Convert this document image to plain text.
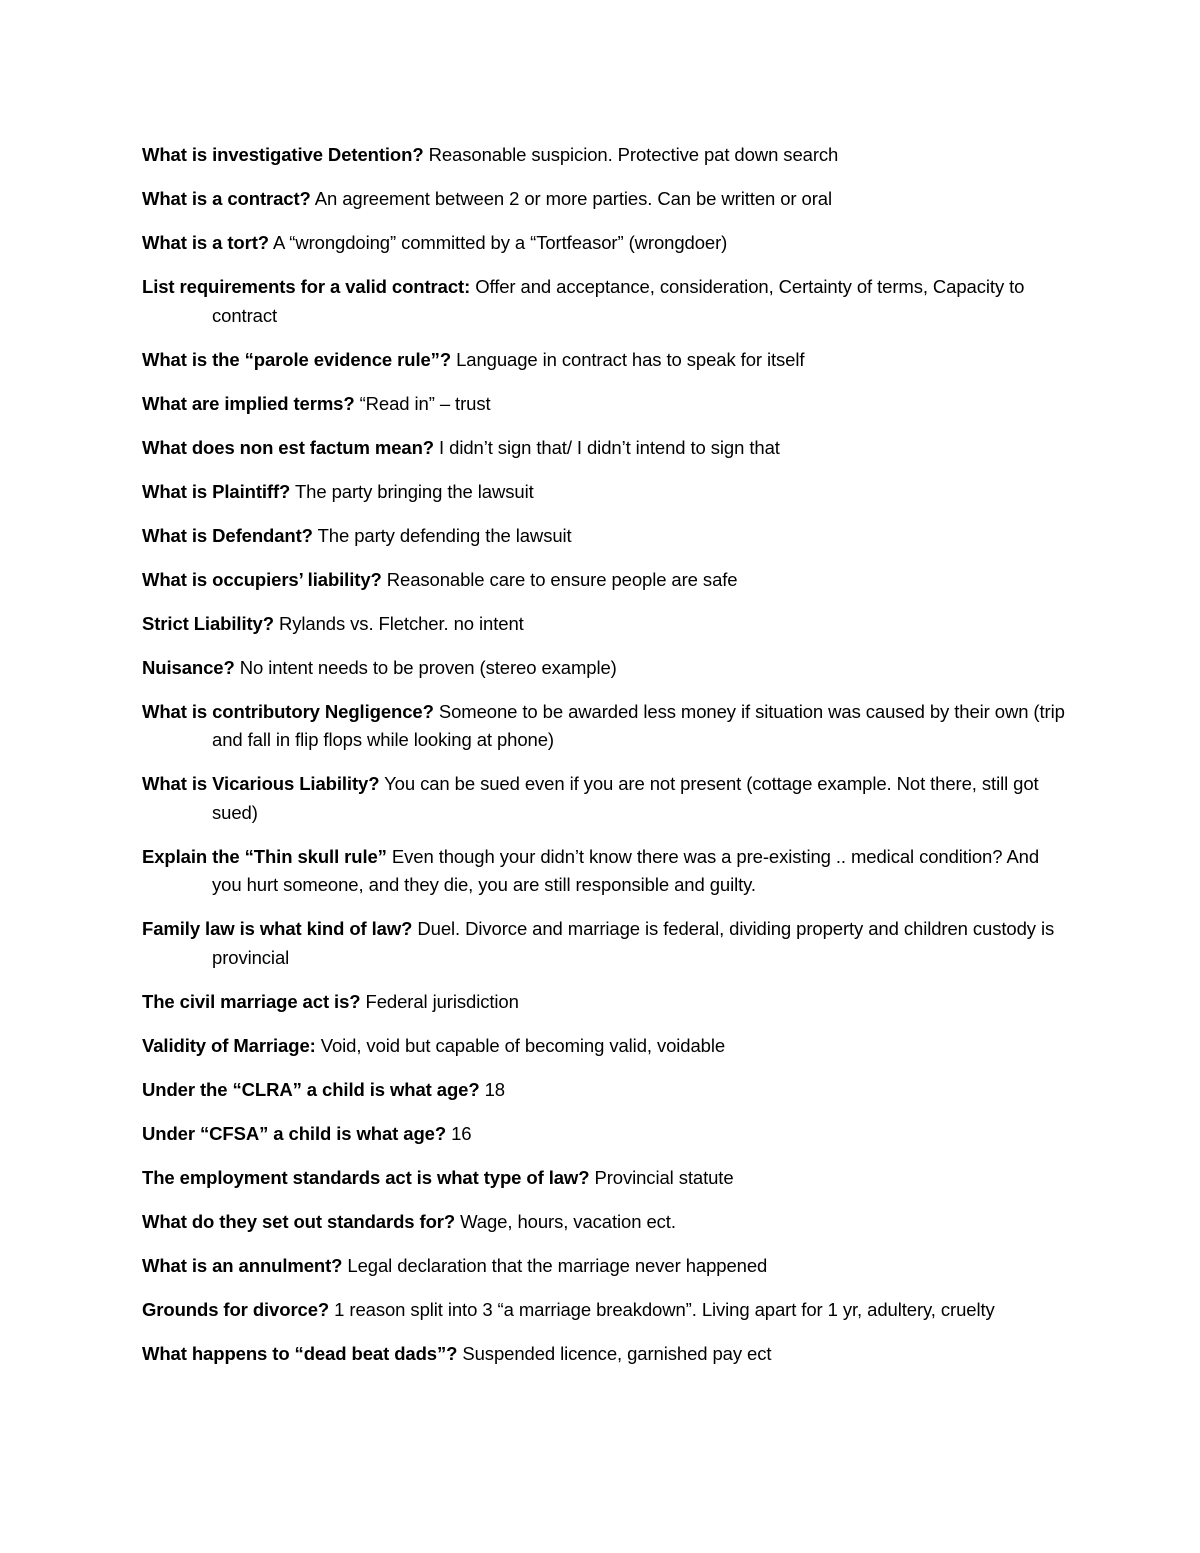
What is investigative Detention? Reasonable suspicion. Protective pat down search
What is a contract? An agreement between 2 or more parties. Can be written or oral
What is a tort? A “wrongdoing” committed by a “Tortfeasor” (wrongdoer)
List requirements for a valid contract: Offer and acceptance, consideration, Certainty of terms, Capacity to contract
What is the “parole evidence rule”? Language in contract has to speak for itself
What are implied terms? “Read in” – trust
What does non est factum mean? I didn’t sign that/ I didn’t intend to sign that
What is Plaintiff? The party bringing the lawsuit
What is Defendant? The party defending the lawsuit
What is occupiers’ liability? Reasonable care to ensure people are safe
Strict Liability? Rylands vs. Fletcher. no intent
Nuisance? No intent needs to be proven (stereo example)
What is contributory Negligence? Someone to be awarded less money if situation was caused by their own (trip and fall in flip flops while looking at phone)
What is Vicarious Liability? You can be sued even if you are not present (cottage example. Not there, still got sued)
Explain the “Thin skull rule” Even though your didn’t know there was a pre-existing .. medical condition? And you hurt someone, and they die, you are still responsible and guilty.
Family law is what kind of law? Duel. Divorce and marriage is federal, dividing property and children custody is provincial
The civil marriage act is? Federal jurisdiction
Validity of Marriage: Void, void but capable of becoming valid, voidable
Under the “CLRA” a child is what age? 18
Under “CFSA” a child is what age? 16
The employment standards act is what type of law? Provincial statute
What do they set out standards for? Wage, hours, vacation ect.
What is an annulment? Legal declaration that the marriage never happened
Grounds for divorce? 1 reason split into 3 “a marriage breakdown”. Living apart for 1 yr, adultery, cruelty
What happens to “dead beat dads”? Suspended licence, garnished pay ect
